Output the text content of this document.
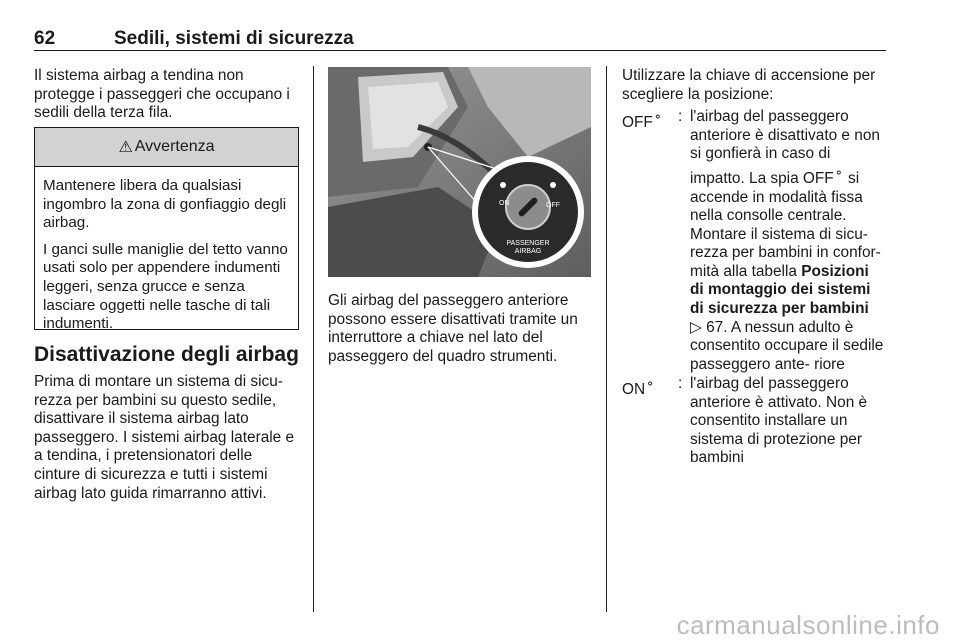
62	Sedili, sistemi di sicurezza

Il sistema airbag a tendina non protegge i passeggeri che occupano i sedili della terza fila.

⚠ Avvertenza

Mantenere libera da qualsiasi ingombro la zona di gonfiaggio degli airbag.

I ganci sulle maniglie del tetto vanno usati solo per appendere indumenti leggeri, senza grucce e senza lasciare oggetti nelle tasche di tali indumenti.

Disattivazione degli airbag

Prima di montare un sistema di sicu- rezza per bambini su questo sedile, disattivare il sistema airbag lato passeggero. I sistemi airbag laterale e a tendina, i pretensionatori delle cinture di sicurezza e tutti i sistemi airbag lato guida rimarranno attivi.

ON	OFF
PASSENGER
AIRBAG

Gli airbag del passeggero anteriore possono essere disattivati tramite un interruttore a chiave nel lato del passeggero del quadro strumenti.

Utilizzare la chiave di accensione per scegliere la posizione:

OFF⚬ : l'airbag del passeggero anteriore è disattivato e non si gonfierà in caso di impatto. La spia OFF⚬ si accende in modalità fissa nella consolle centrale. Montare il sistema di sicu- rezza per bambini in confor- mità alla tabella Posizioni di montaggio dei sistemi di sicurezza per bambini
▷ 67. A nessun adulto è consentito occupare il sedile passeggero ante- riore
ON⚬ : l'airbag del passeggero anteriore è attivato. Non è consentito installare un sistema di protezione per bambini
carmanualsonline.info
